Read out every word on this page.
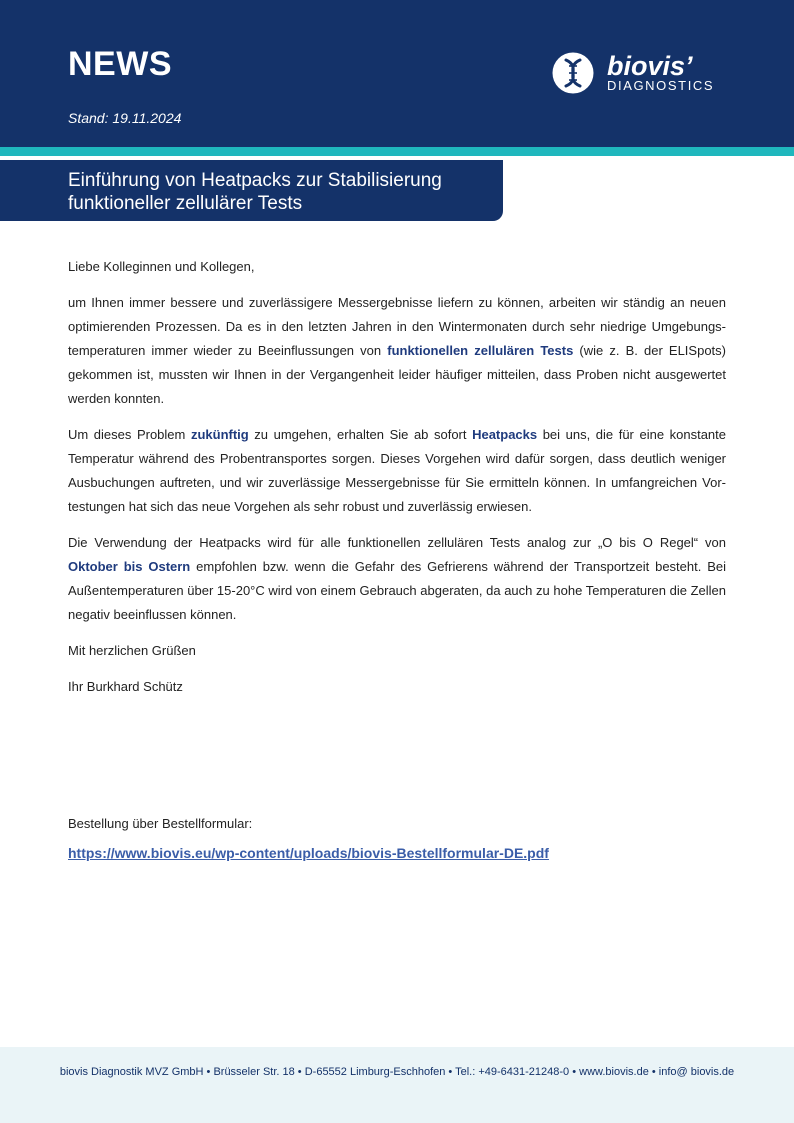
NEWS
Stand: 19.11.2024
biovis’
DIAGNOSTICS
Einführung von Heatpacks zur Stabilisierung funktioneller zellulärer Tests

Liebe Kolleginnen und Kollegen,

um Ihnen immer bessere und zuverlässigere Messergebnisse liefern zu können, arbeiten wir ständig an neuen optimierenden Prozessen. Da es in den letzten Jahren in den Wintermonaten durch sehr niedrige Umgebungs-temperaturen immer wieder zu Beeinflussungen von funktionellen zellulären Tests (wie z. B. der ELISpots) gekommen ist, mussten wir Ihnen in der Vergangenheit leider häufiger mitteilen, dass Proben nicht ausgewertet werden konnten.

Um dieses Problem zukünftig zu umgehen, erhalten Sie ab sofort Heatpacks bei uns, die für eine konstante Temperatur während des Probentransportes sorgen. Dieses Vorgehen wird dafür sorgen, dass deutlich weniger Ausbuchungen auftreten, und wir zuverlässige Messergebnisse für Sie ermitteln können. In umfangreichen Vor-testungen hat sich das neue Vorgehen als sehr robust und zuverlässig erwiesen.

Die Verwendung der Heatpacks wird für alle funktionellen zellulären Tests analog zur „O bis O Regel“ von Oktober bis Ostern empfohlen bzw. wenn die Gefahr des Gefrierens während der Transportzeit besteht. Bei Außentemperaturen über 15-20°C wird von einem Gebrauch abgeraten, da auch zu hohe Temperaturen die Zellen negativ beeinflussen können.

Mit herzlichen Grüßen

Ihr Burkhard Schütz

Bestellung über Bestellformular:
https://www.biovis.eu/wp-content/uploads/biovis-Bestellformular-DE.pdf
biovis Diagnostik MVZ GmbH • Brüsseler Str. 18 • D-65552 Limburg-Eschhofen • Tel.: +49-6431-21248-0 • www.biovis.de • info@ biovis.de
